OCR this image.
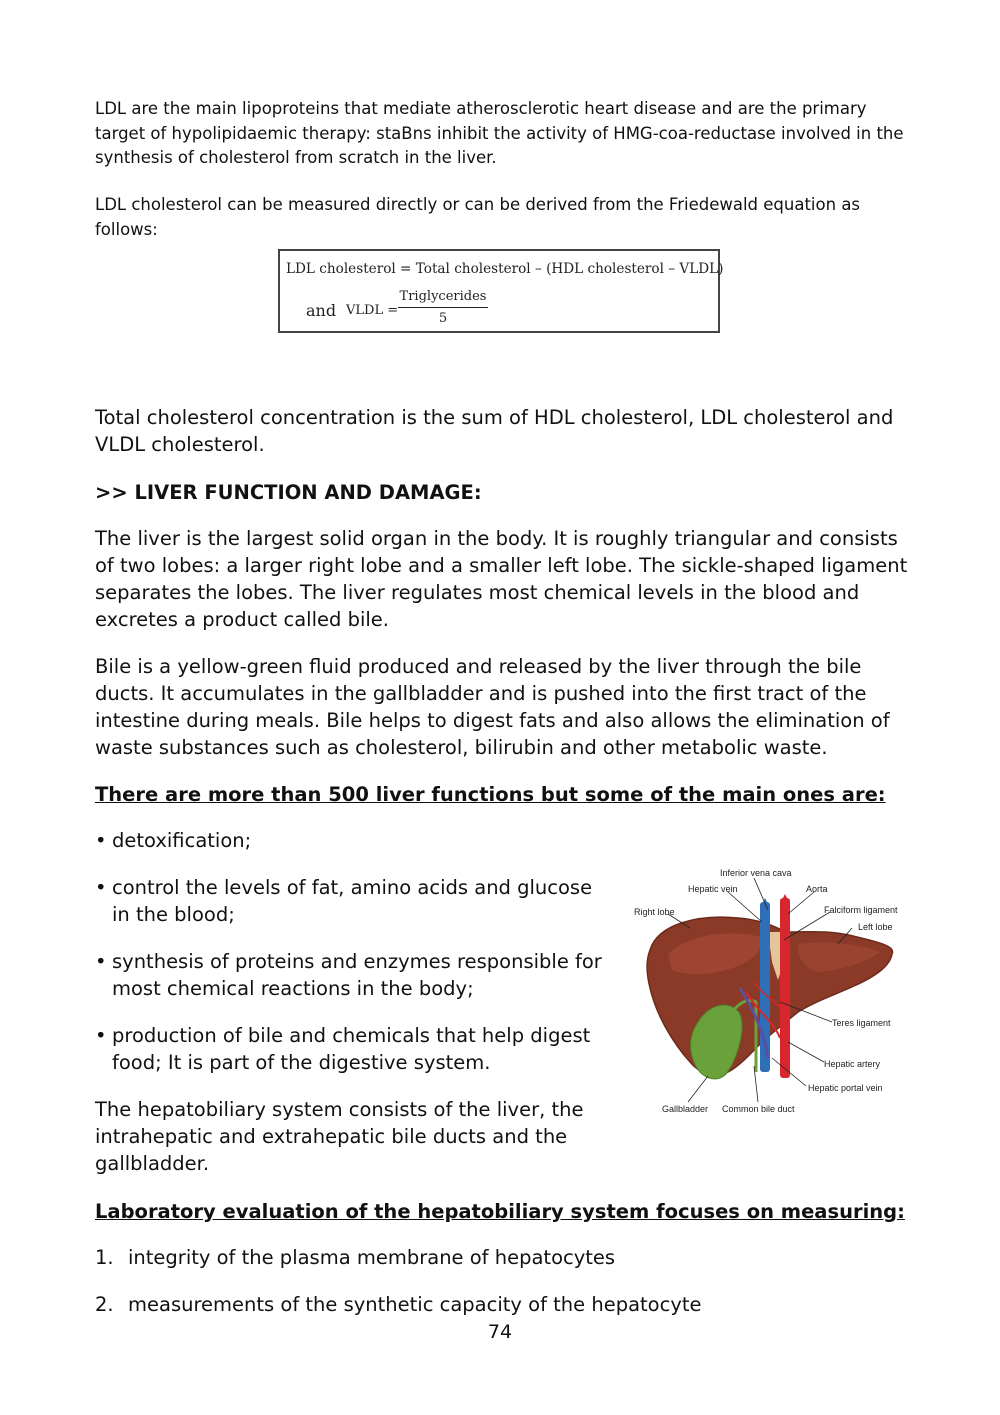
LDL are the main lipoproteins that mediate atherosclerotic heart disease and are the primary target of hypolipidaemic therapy: staBns inhibit the activity of HMG-coa-reductase involved in the synthesis of cholesterol from scratch in the liver.

LDL cholesterol can be measured directly or can be derived from the Friedewald equation as follows:

LDL cholesterol = Total cholesterol – (HDL cholesterol – VLDL)
and VLDL =
Triglycerides
5

Total cholesterol concentration is the sum of HDL cholesterol, LDL cholesterol and VLDL cholesterol.

>> LIVER FUNCTION AND DAMAGE:

The liver is the largest solid organ in the body. It is roughly triangular and consists of two lobes: a larger right lobe and a smaller left lobe. The sickle-shaped ligament separates the lobes. The liver regulates most chemical levels in the blood and excretes a product called bile.

Bile is a yellow-green fluid produced and released by the liver through the bile ducts. It accumulates in the gallbladder and is pushed into the first tract of the intestine during meals. Bile helps to digest fats and also allows the elimination of waste substances such as cholesterol, bilirubin and other metabolic waste.

There are more than 500 liver functions but some of the main ones are:

• detoxification;
• control the levels of fat, amino acids and glucose in the blood;
• synthesis of proteins and enzymes responsible for most chemical reactions in the body;
• production of bile and chemicals that help digest food; It is part of the digestive system.

The hepatobiliary system consists of the liver, the intrahepatic and extrahepatic bile ducts and the gallbladder.

Laboratory evaluation of the hepatobiliary system focuses on measuring:

1. integrity of the plasma membrane of hepatocytes
2. measurements of the synthetic capacity of the hepatocyte
Inferior vena cava
Hepatic vein	Aorta
Right lobe	Falciform ligament
Left lobe
Teres ligament
Hepatic artery
Hepatic portal vein
Gallbladder Common bile duct
74
